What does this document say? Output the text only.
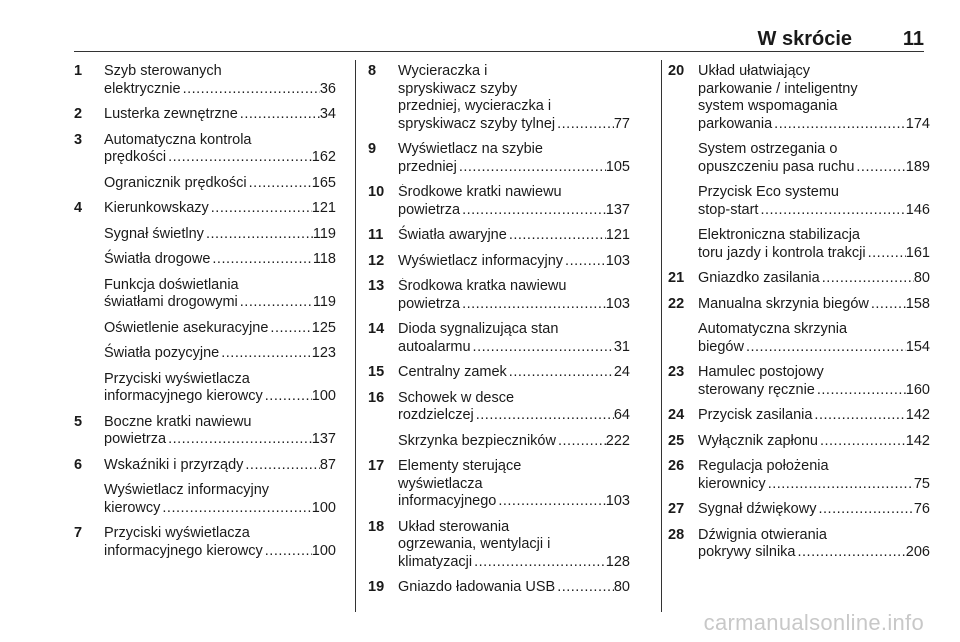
W skrócie	11
1	Szyb sterowanych
elektrycznie .....	36
2	Lusterka zewnętrzne .....	34
3	Automatyczna kontrola
prędkości .....	162
Ogranicznik prędkości .....	165
4	Kierunkowskazy .....	121
Sygnał świetlny .....	119
Światła drogowe .....	118
Funkcja doświetlania
światłami drogowymi .....	119
Oświetlenie asekuracyjne .....	125
Światła pozycyjne .....	123
Przyciski wyświetlacza
informacyjnego kierowcy .....	100
5	Boczne kratki nawiewu
powietrza .....	137
6	Wskaźniki i przyrządy .....	87
Wyświetlacz informacyjny
kierowcy .....	100
7	Przyciski wyświetlacza
informacyjnego kierowcy .....	100
8	Wycieraczka i
spryskiwacz szyby
przedniej, wycieraczka i
spryskiwacz szyby tylnej .....	77
9	Wyświetlacz na szybie
przedniej .....	105
10 Środkowe kratki nawiewu
powietrza .....	137
11	Światła awaryjne .....	121
12 Wyświetlacz informacyjny .....	103
13 Środkowa kratka nawiewu
powietrza .....	103
14 Dioda sygnalizująca stan
autoalarmu .....	31
15 Centralny zamek .....	24
16 Schowek w desce
rozdzielczej .....	64
Skrzynka bezpieczników .....	222
17 Elementy sterujące
wyświetlacza
informacyjnego .....	103
18 Układ sterowania
ogrzewania, wentylacji i
klimatyzacji .....	128
19 Gniazdo ładowania USB .....	80
20 Układ ułatwiający
parkowanie / inteligentny
system wspomagania
parkowania .....	174
System ostrzegania o
opuszczeniu pasa ruchu .....	189
Przycisk Eco systemu
stop-start .....	146
Elektroniczna stabilizacja
toru jazdy i kontrola trakcji .....	161
21 Gniazdko zasilania .....	80
22 Manualna skrzynia biegów .....	158
Automatyczna skrzynia
biegów .....	154
23 Hamulec postojowy
sterowany ręcznie .....	160
24 Przycisk zasilania .....	142
25 Wyłącznik zapłonu .....	142
26 Regulacja położenia
kierownicy .....	75
27 Sygnał dźwiękowy .....	76
28 Dźwignia otwierania
pokrywy silnika .....	206
carmanualsonline.info
